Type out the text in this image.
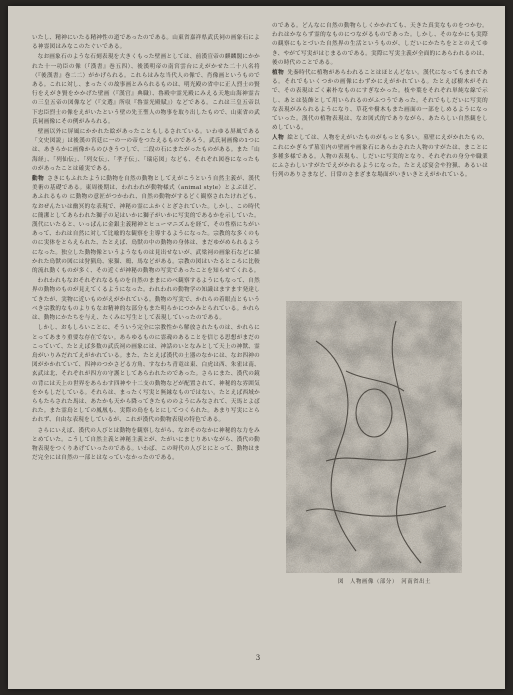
いたし、精神にいたる精神性の道であったのである。山東省嘉祥県武氏祠の画象石による神霊図はみなこのたぐいである。

なお画象石のような石刻表現を大きくもった壁画としては、前漢宣帝の麒麟閣にかかれた十一功臣の像（『漢書』巻五四）、後漢明帝の南宮雲台にえがかせた二十八名将（『後漢書』巻二二）がかげられる。これらはみな当代人の像で、肖像画というものである。これに対し、まったくの故事画とみられるものは、明光殿の省中に正人烈士の賢行をえがき賢をかかげた壁画（『漢官』典職）、魯殿中霊光殿にみえる天地山海神霊古の三皇五帝の図像など（『文選』所収『魯霊光殿賦』）などである。これは三皇五帝以下忠臣烈士の像をえがいたという壁の先王聖人の物事を取り出したもので、山東省の武氏祠画像にその例がみられる。

壁画以外に屏風にかかれた絵があったこともしるされている。いわゆる屏風である「文史図説」は後漢の宮廷に一の一の帝をつたえるものであろう。武氏祠画像の1つには、あきらかに画像からのひきうつしで、二段の石にまたがったものがある。また「山海経」、「列仙伝」、「列女伝」、「孝子伝」、「瑞応図」なども、それぞれ図巻になったものがあったことは確実である。

動物 さきにもふれたように動物を自然の動物としてえがこうという自然主義が、漢代美術の基礎である。東周後期は、われわれが動物様式（animal style）とよぶほど、あふれるもの に動物の意匠がつかわれ、自然の動物がするどく観察されたけれども、なおぜんたいは幽冥的な表現で、神秘の霊にふかくとざされていた。しかし、この時代に簡潔としてあらわれた獅子の足はいかに獅子がいかに写実的であるかを示していた。漢代にいたると、いっぱんに金銀主義精神とヒューマニズムを経て、その性格にちがいあって、われは自然に対して比喩的な観察を主導するようになった。宗教的な多くのものに実体をとらえられた、たとえば、鳥獣の中の動物の身体は、まだゆがめられるようになった。独立した動物像というようなものは見出せないが、武梁祠の画象石などに描かれた鳥獣の図には狩猟鳥、家猫、鶏、馬などがある。宗教の図はいたるところに比較的流れ動くものが多く、その近くが神秘の動物の写実であったことを知らせてくれる。

われわれもなおそれぞれなるものを自然のままにのべ観察するようにもなって、自然界の動物のものが見えてくるようになった。われわれの動物学の知識はますます発達してきたが、実物に近いものがえがかれている。動物の写実で、かれらの着眼点ともいうべき宗教的なものよりもなお精神的な部分もまた明らかにつかみとられている。かれらは、動物にかたちを与え、たくみに写生として表現していったのである。

しかし、おもしろいことに、そういう完全に宗教性から解放されたものは、かれらにとってあまり重要な存在でない。あらゆるものに霊魂のあることを信じる思想がまだのこっていて、たとえば多数の武氏祠の画象には、神話のいとなみとして天上の神獣、霊鳥がいりみだれてえがかれている。また、たとえば漢代の土器のなかには、なお四神の図がかかれていて、四神のつかさどる方角、すなわち青竜は東、白虎は西、朱雀は南、玄武は北、それぞれが四方の守護としてあらわれたのであった。さらにまた、漢代の鏡の背には天上の世界をあらわす四神や十二支の動物などが配置されて、神秘的な雰囲気をかもしだしている。それらは、まったく写実と無縁なものではない。たとえば西域からもたらされた馬は、あたかも天から降ってきたもののようにみなされて、天馬とよばれた。また霊鳥としての鳳凰も、実際の鳥をもとにしてつくられた。あまり写実にとらわれず、自由な表現をしているが、これが漢代の動物表現の特色である。

さらにいえば、漢代の人びとは動物を観察しながら、なおそのなかに神秘的な力をみとめていた。こうして自然主義と神秘主義とが、たがいにまじりあいながら、漢代の動物表現をつくりあげていったのである。いわば、この時代の人びとにとって、動物はまだ完全には自然の一部とはなっていなかったのである。

のである。どんなに自然の動物らしくかかれても、天きた真実なものをつかむ。われはかならず霊的なものにつながるものであった。しかし、そのなかにも実際の観察にもとづいた自然界の生活というものが、しだいにかたちをととのえてゆき、やがて写実がはじまるのである。実際に写実主義が全面的にあらわれるのは、後の時代のことである。

植物 先秦時代に植物があらわれることはほとんどない。漢代になってもまれである。それでもいくつかの画像にわずかにえがかれている。たとえば樹木がそれで、その表現はごく素朴なものにすぎなかった。枝や葉をそれぞれ単純な線で示し、あとは装飾として用いられるのがふつうであった。それでもしだいに写実的な表現がみられるようになり、草花や樹木もまた画面の一部をしめるようになっていった。漢代の植物表現は、なお図式的でありながら、あたらしい自然観をしめしている。

人物 絵としては、人物をえがいたものがもっとも多い。墓壁にえがかれたもの、これにかぎらず墓室内の壁画や画象石にあらわされた人物のすがたは、まことに多種多様である。人物の表現も、しだいに写実的となり、それぞれの身分や職業にふさわしいすがたでえがかれるようになった。たとえば宴会や狩猟、あるいは行列のありさまなど、日常のさまざまな場面がいきいきとえがかれている。

図　人物画像（部分）　河南省出土
3
